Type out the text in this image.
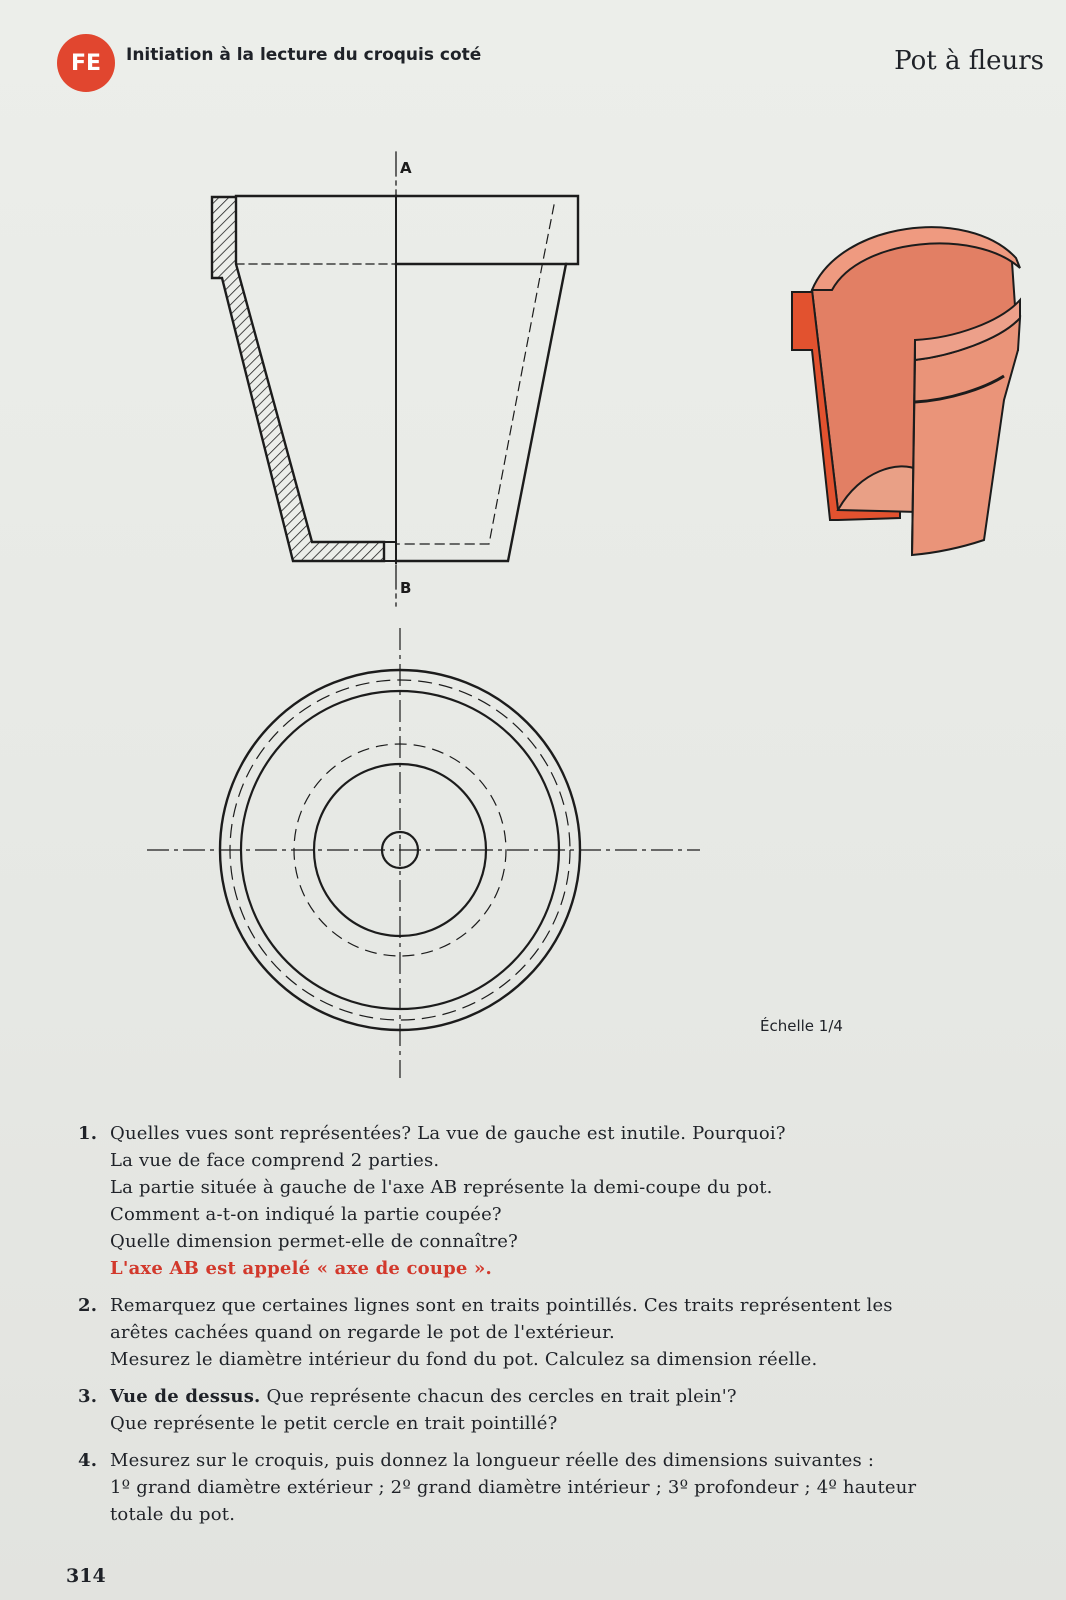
FE	Initiation à la lecture du croquis coté	Pot à fleurs
A
B
Échelle 1/4
1. Quelles vues sont représentées? La vue de gauche est inutile. Pourquoi?

La vue de face comprend 2 parties.

La partie située à gauche de l'axe AB représente la demi-coupe du pot.

Comment a-t-on indiqué la partie coupée?

Quelle dimension permet-elle de connaître?

L'axe AB est appelé « axe de coupe ».

2. Remarquez que certaines lignes sont en traits pointillés. Ces traits représentent les

arêtes cachées quand on regarde le pot de l'extérieur.

Mesurez le diamètre intérieur du fond du pot. Calculez sa dimension réelle.

3. Vue de dessus. Que représente chacun des cercles en trait plein'?

Que représente le petit cercle en trait pointillé?

4. Mesurez sur le croquis, puis donnez la longueur réelle des dimensions suivantes :

1º grand diamètre extérieur ; 2º grand diamètre intérieur ; 3º profondeur ; 4º hauteur

totale du pot.

314
